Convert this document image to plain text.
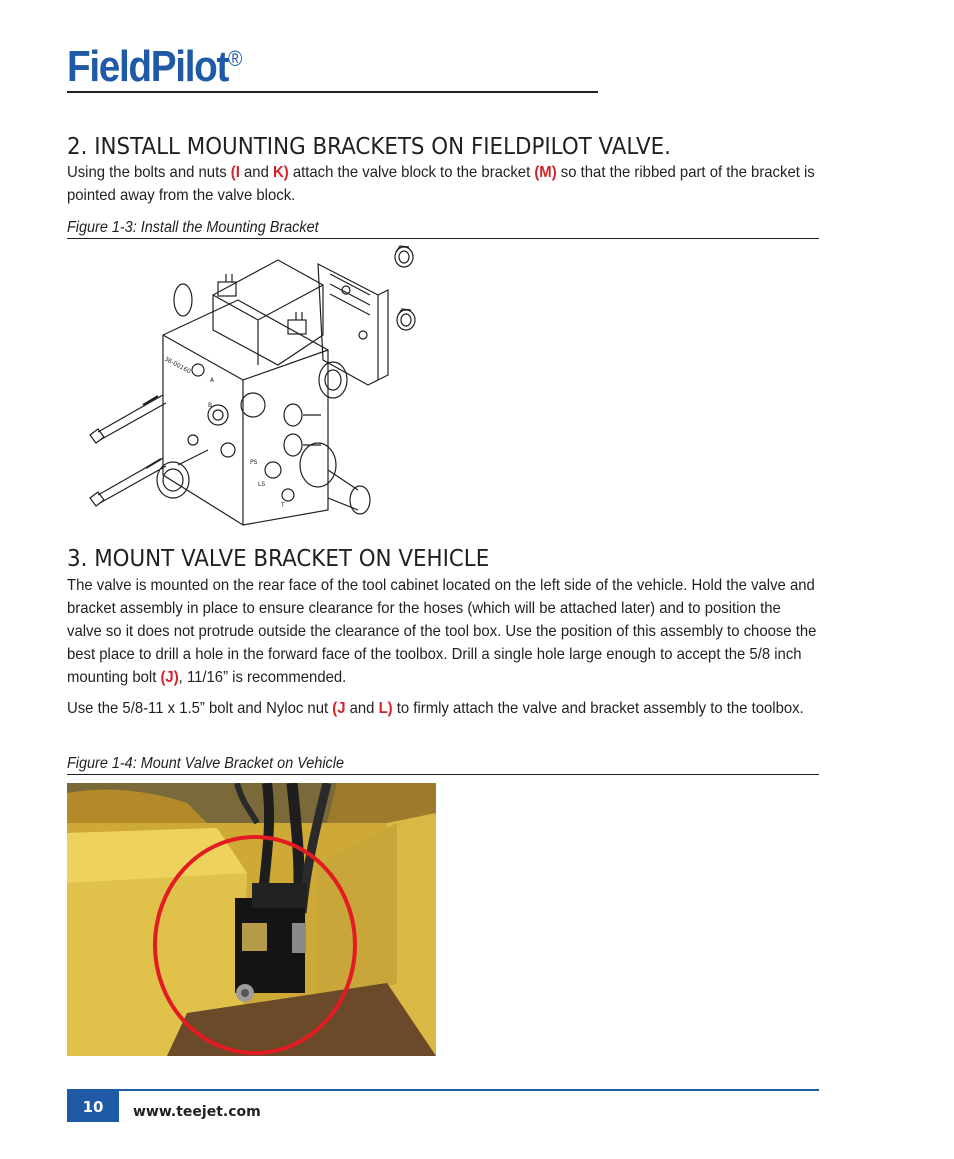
FieldPilot®
2. INSTALL MOUNTING BRACKETS ON FIELDPILOT VALVE.

Using the bolts and nuts (I and K) attach the valve block to the bracket (M) so that the ribbed part of the bracket is pointed away from the valve block.

Figure 1-3: Install the Mounting Bracket
36-00160
A
B
PS
LS
T
3. MOUNT VALVE BRACKET ON VEHICLE

The valve is mounted on the rear face of the tool cabinet located on the left side of the vehicle. Hold the valve and bracket assembly in place to ensure clearance for the hoses (which will be attached later) and to position the valve so it does not protrude outside the clearance of the tool box. Use the position of this assembly to choose the best place to drill a hole in the forward face of the toolbox. Drill a single hole large enough to accept the 5/8 inch mounting bolt (J), 11/16” is recommended.

Use the 5/8-11 x 1.5” bolt and Nyloc nut (J and L) to firmly attach the valve and bracket assembly to the toolbox.

Figure 1-4: Mount Valve Bracket on Vehicle
10	www.teejet.com
